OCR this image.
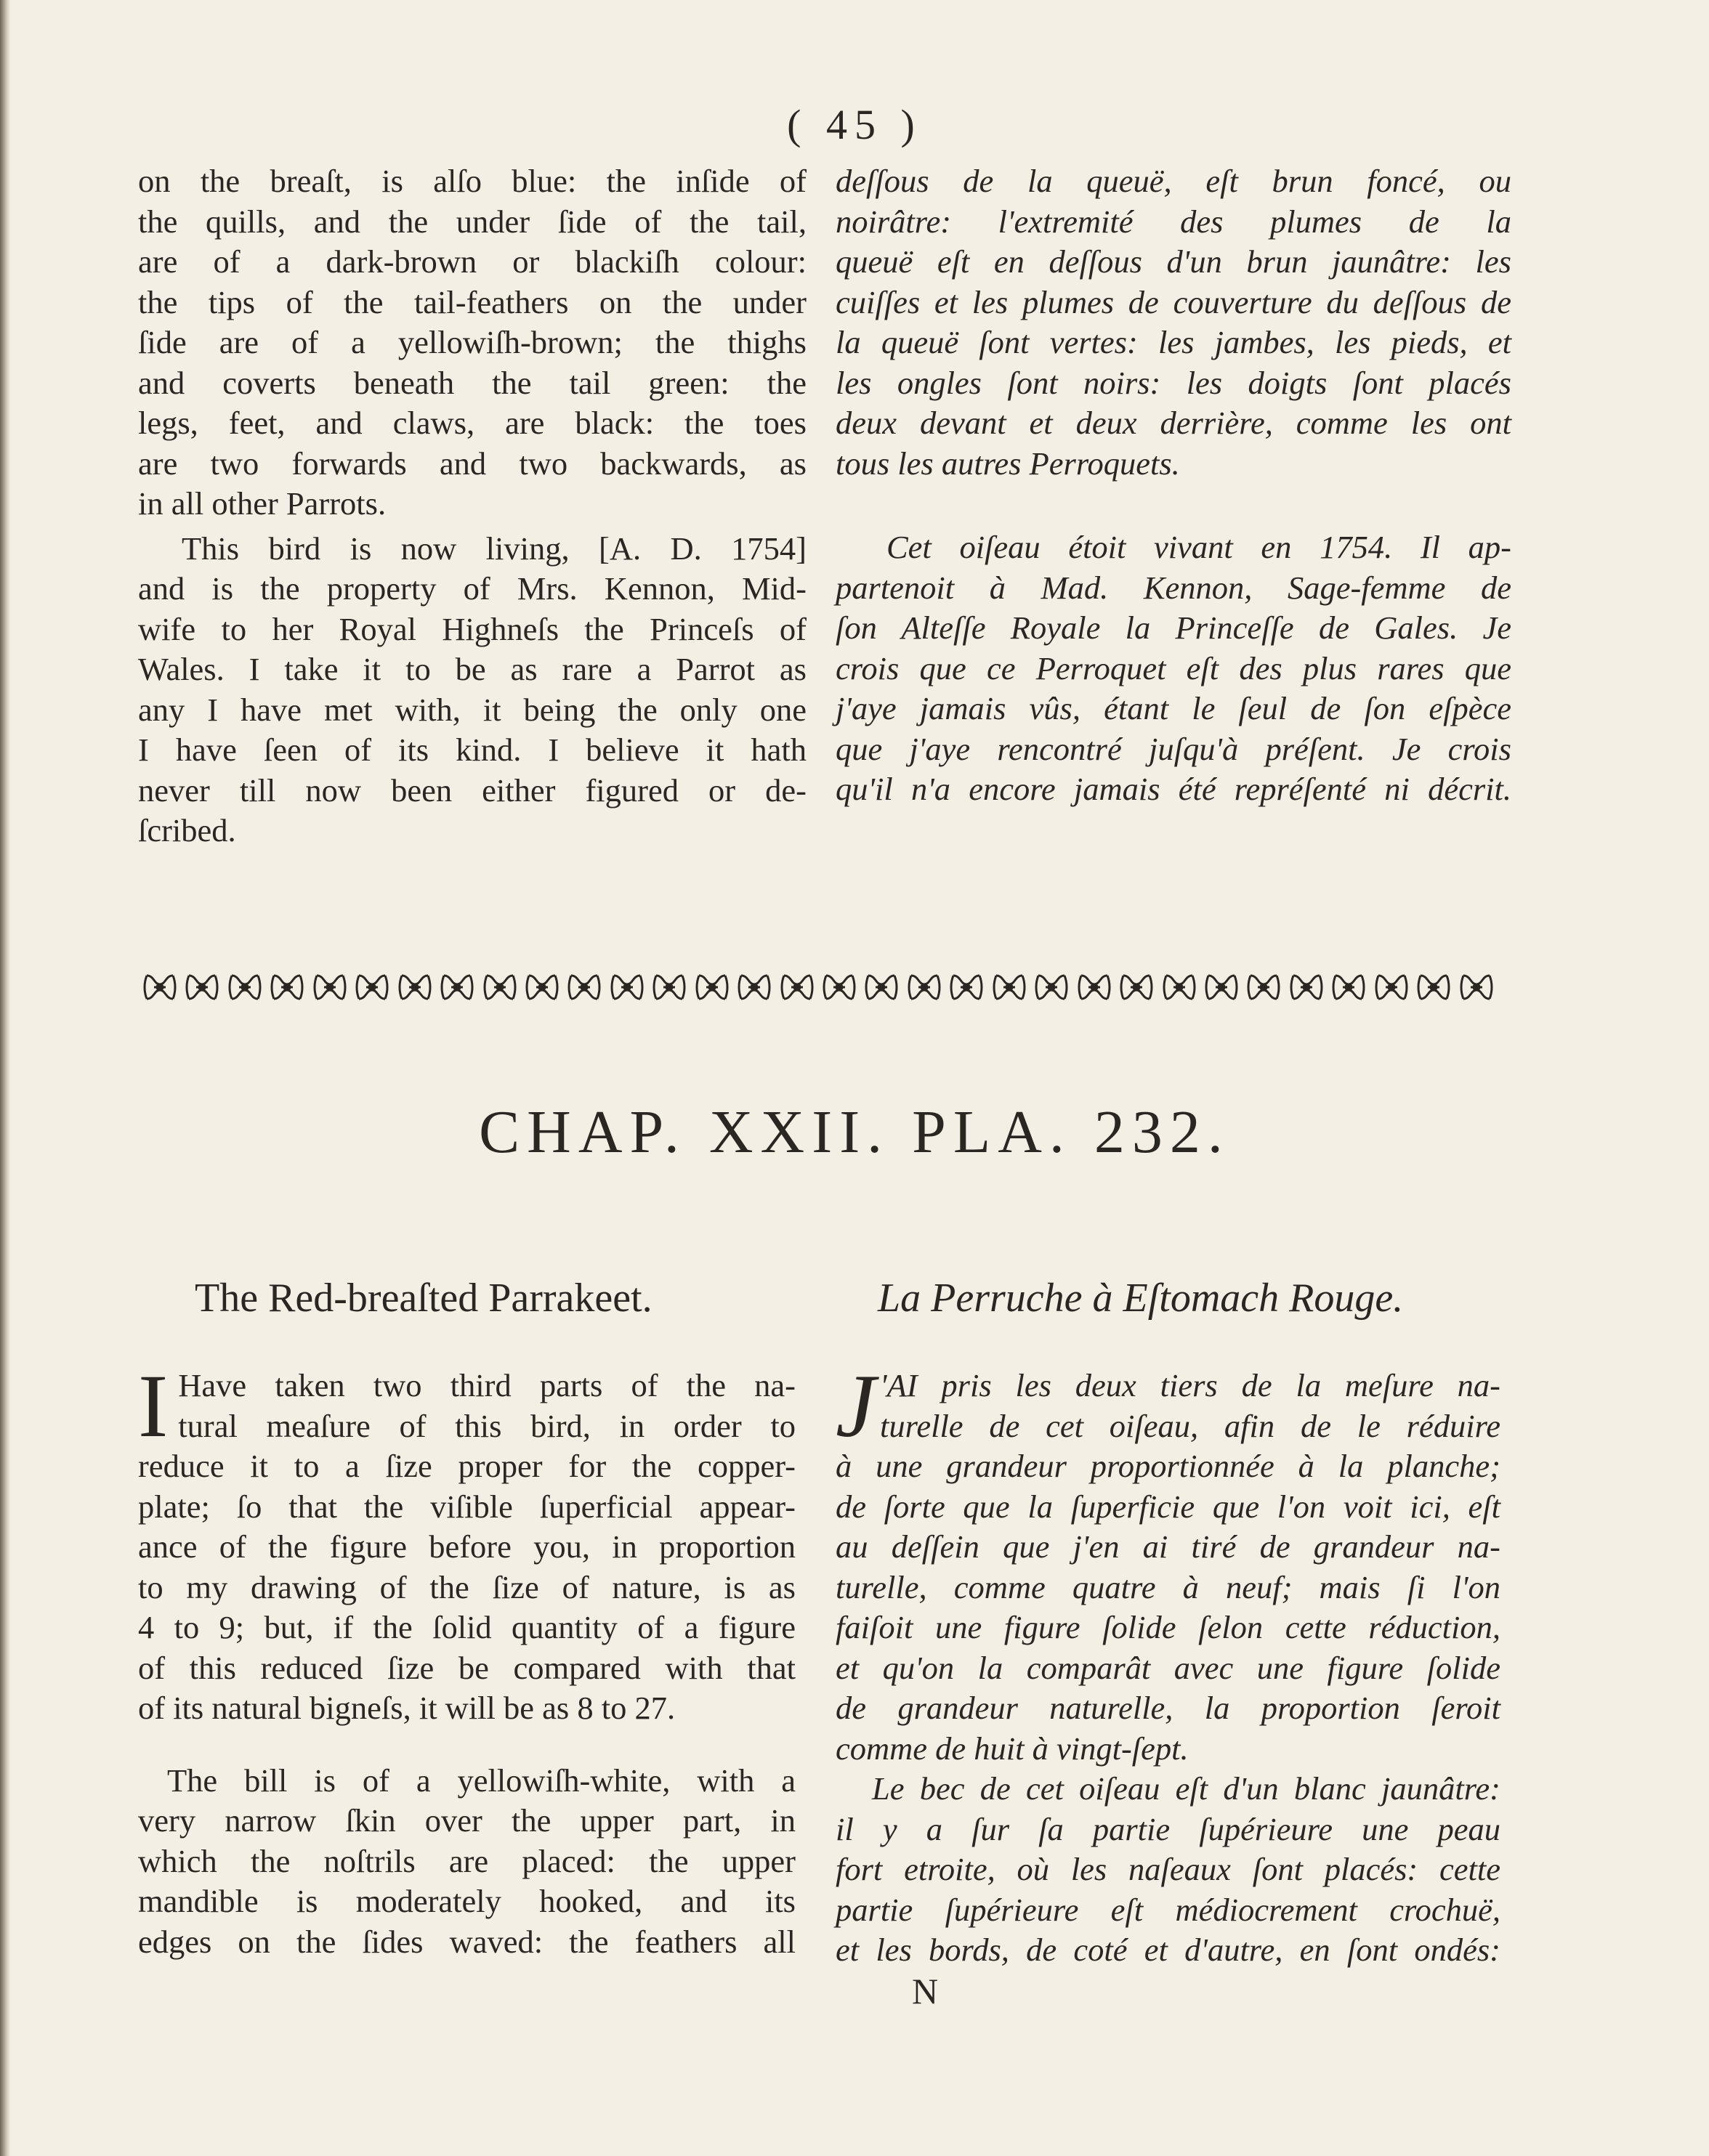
( 45 )

on the breaſt, is alſo blue: the inſide of
the quills, and the under ſide of the tail,
are of a dark-brown or blackiſh colour:
the tips of the tail-feathers on the under
ſide are of a yellowiſh-brown; the thighs
and coverts beneath the tail green: the
legs, feet, and claws, are black: the toes
are two forwards and two backwards, as
in all other Parrots.

This bird is now living, [A. D. 1754]
and is the property of Mrs. Kennon, Mid-
wife to her Royal Highneſs the Princeſs of
Wales. I take it to be as rare a Parrot as
any I have met with, it being the only one
I have ſeen of its kind. I believe it hath
never till now been either figured or de-
ſcribed.

deſſous de la queuë, eſt brun foncé, ou
noirâtre: l'extremité des plumes de la
queuë eſt en deſſous d'un brun jaunâtre: les
cuiſſes et les plumes de couverture du deſſous de
la queuë ſont vertes: les jambes, les pieds, et
les ongles ſont noirs: les doigts ſont placés
deux devant et deux derrière, comme les ont
tous les autres Perroquets.

Cet oiſeau étoit vivant en 1754. Il ap-
partenoit à Mad. Kennon, Sage-femme de
ſon Alteſſe Royale la Princeſſe de Gales. Je
crois que ce Perroquet eſt des plus rares que
j'aye jamais vûs, étant le ſeul de ſon eſpèce
que j'aye rencontré juſqu'à préſent. Je crois
qu'il n'a encore jamais été repréſenté ni décrit.

CHAP. XXII. PLA. 232.
The Red-breaſted Parrakeet.	La Perruche à Eſtomach Rouge.

I Have taken two third parts of the na-
tural meaſure of this bird, in order to
reduce it to a ſize proper for the copper-
plate; ſo that the viſible ſuperficial appear-
ance of the figure before you, in proportion
to my drawing of the ſize of nature, is as
4 to 9; but, if the ſolid quantity of a figure
of this reduced ſize be compared with that
of its natural bigneſs, it will be as 8 to 27.

The bill is of a yellowiſh-white, with a
very narrow ſkin over the upper part, in
which the noſtrils are placed: the upper
mandible is moderately hooked, and its
edges on the ſides waved: the feathers all

J 'AI pris les deux tiers de la meſure na-
turelle de cet oiſeau, afin de le réduire
à une grandeur proportionnée à la planche;
de ſorte que la ſuperficie que l'on voit ici, eſt
au deſſein que j'en ai tiré de grandeur na-
turelle, comme quatre à neuf; mais ſi l'on
faiſoit une figure ſolide ſelon cette réduction,
et qu'on la comparât avec une figure ſolide
de grandeur naturelle, la proportion ſeroit
comme de huit à vingt-ſept.

Le bec de cet oiſeau eſt d'un blanc jaunâtre:
il y a ſur ſa partie ſupérieure une peau
fort etroite, où les naſeaux ſont placés: cette
partie ſupérieure eſt médiocrement crochuë,
et les bords, de coté et d'autre, en ſont ondés:

N
